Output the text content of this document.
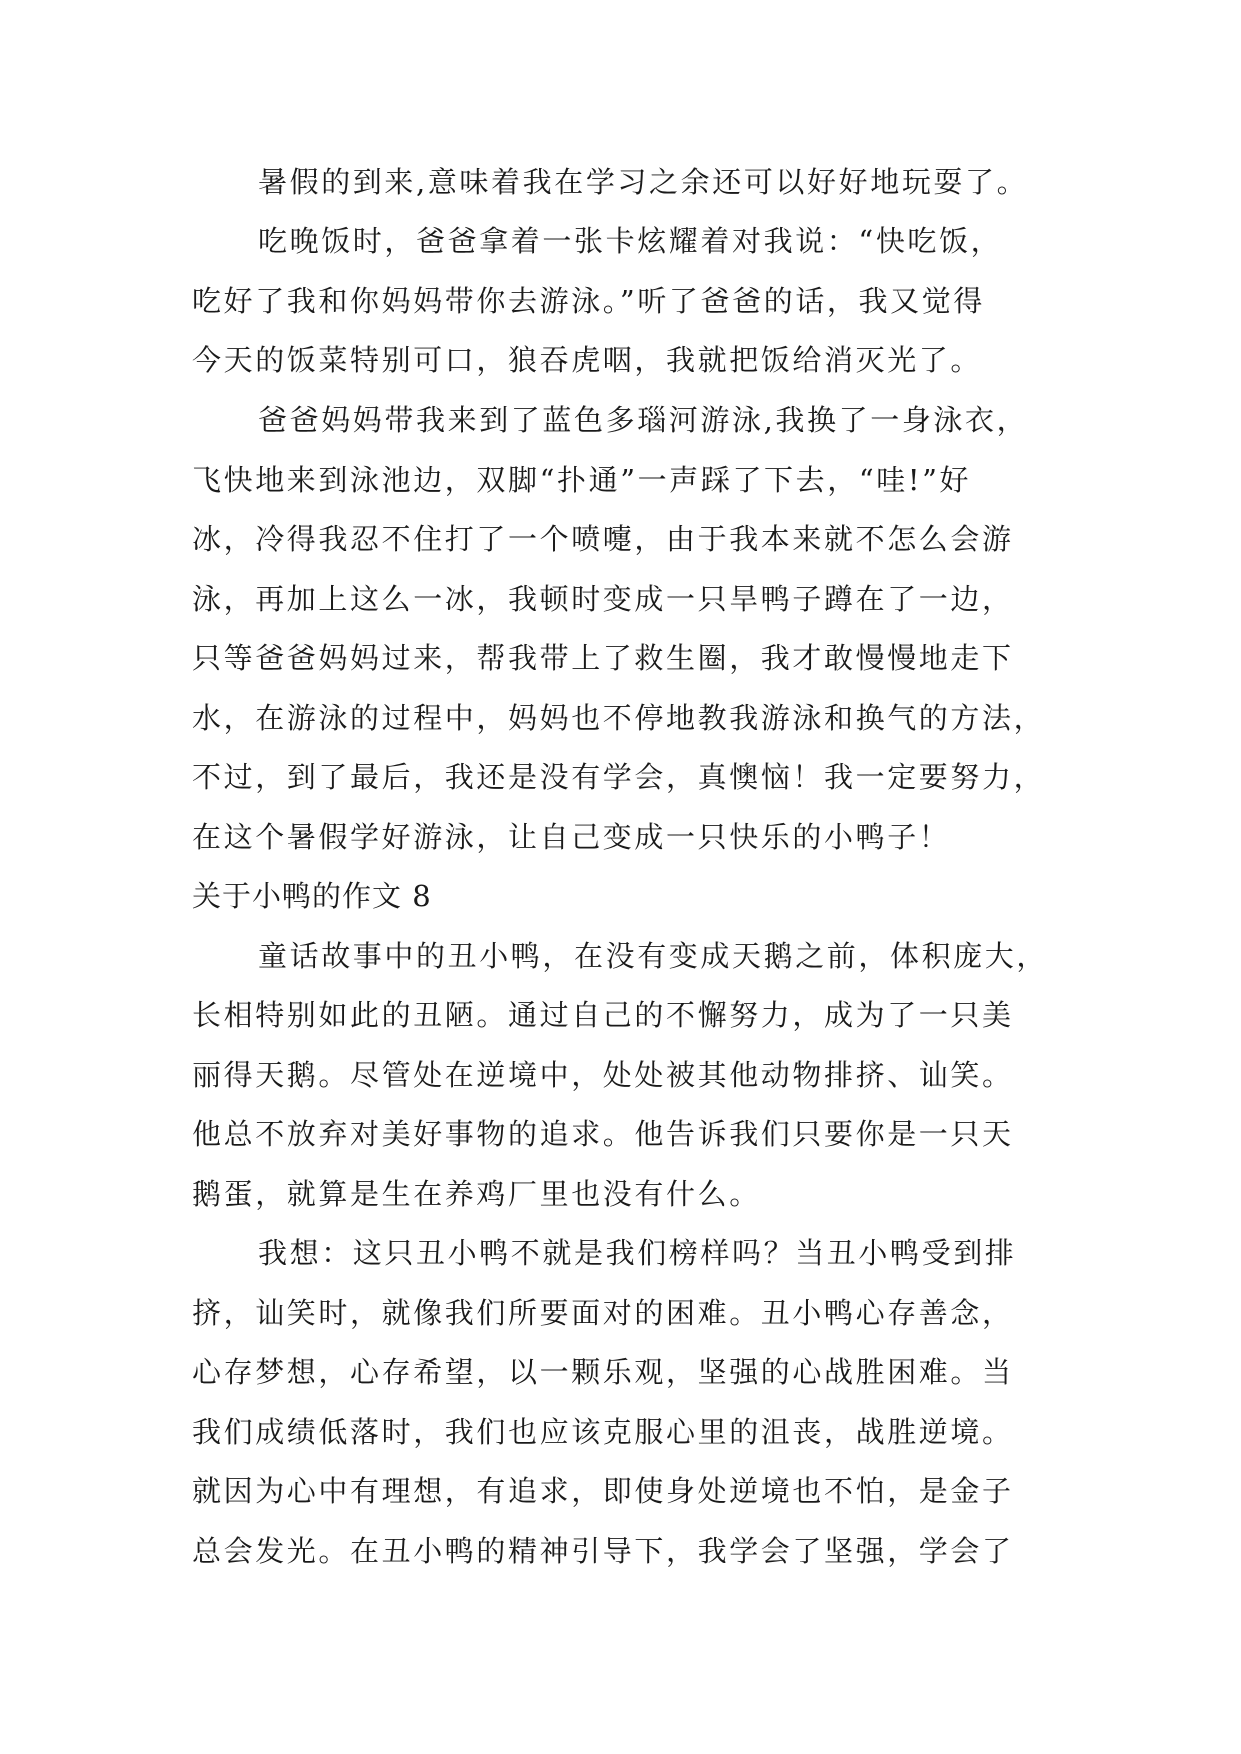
暑假的到来,意味着我在学习之余还可以好好地玩耍了。
吃晚饭时，爸爸拿着一张卡炫耀着对我说：“快吃饭，
吃好了我和你妈妈带你去游泳。”听了爸爸的话，我又觉得
今天的饭菜特别可口，狼吞虎咽，我就把饭给消灭光了。
爸爸妈妈带我来到了蓝色多瑙河游泳,我换了一身泳衣，
飞快地来到泳池边，双脚“扑通”一声踩了下去，“哇!”好
冰，冷得我忍不住打了一个喷嚏，由于我本来就不怎么会游
泳，再加上这么一冰，我顿时变成一只旱鸭子蹲在了一边，
只等爸爸妈妈过来，帮我带上了救生圈，我才敢慢慢地走下
水，在游泳的过程中，妈妈也不停地教我游泳和换气的方法，
不过，到了最后，我还是没有学会，真懊恼！我一定要努力，
在这个暑假学好游泳，让自己变成一只快乐的小鸭子！
关于小鸭的作文 8
童话故事中的丑小鸭，在没有变成天鹅之前，体积庞大，
长相特别如此的丑陋。通过自己的不懈努力，成为了一只美
丽得天鹅。尽管处在逆境中，处处被其他动物排挤、讪笑。
他总不放弃对美好事物的追求。他告诉我们只要你是一只天
鹅蛋，就算是生在养鸡厂里也没有什么。
我想：这只丑小鸭不就是我们榜样吗？当丑小鸭受到排
挤，讪笑时，就像我们所要面对的困难。丑小鸭心存善念，
心存梦想，心存希望，以一颗乐观，坚强的心战胜困难。当
我们成绩低落时，我们也应该克服心里的沮丧，战胜逆境。
就因为心中有理想，有追求，即使身处逆境也不怕，是金子
总会发光。在丑小鸭的精神引导下，我学会了坚强，学会了
